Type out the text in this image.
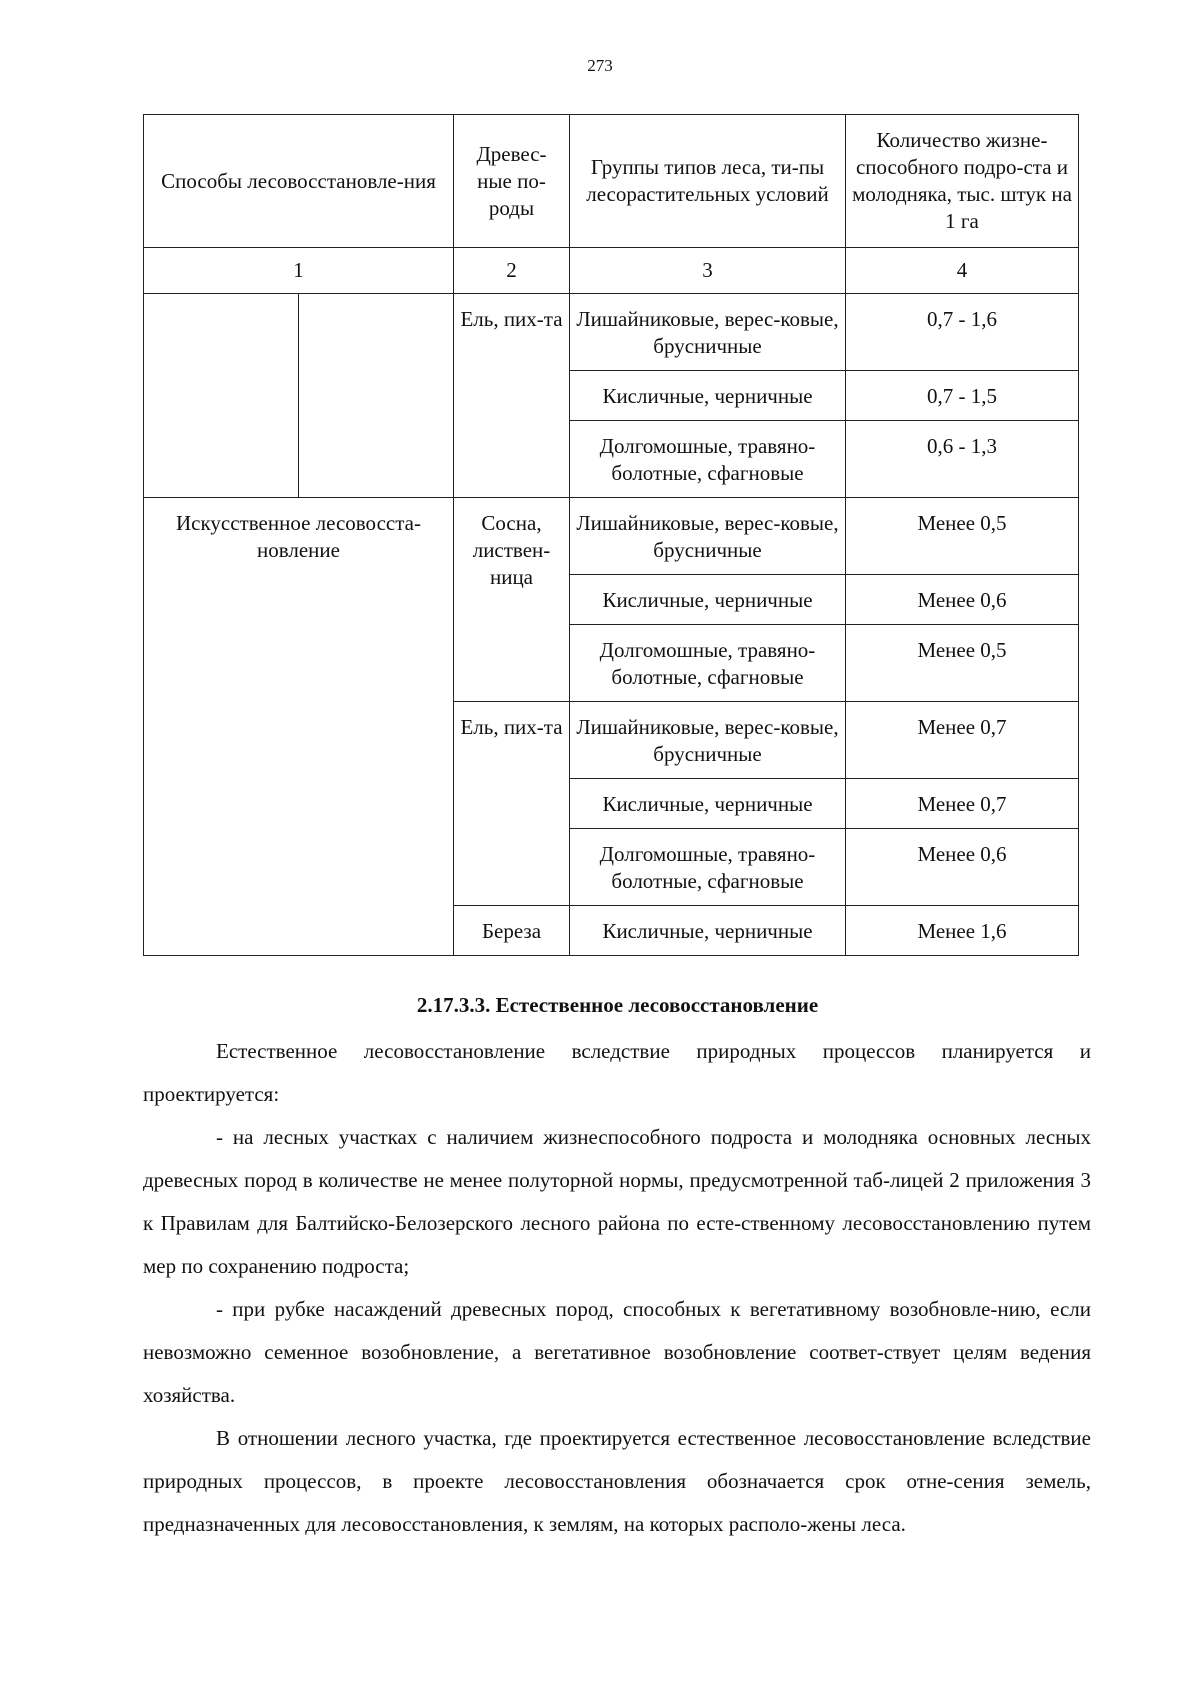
273
Способы лесовосстановле-ния		Древес-ные по-роды	Группы типов леса, ти-пы лесорастительных условий	Количество жизне-способного подро-ста и молодняка, тыс. штук на 1 га
1		2	3	4
		Ель, пих-та	Лишайниковые, верес-ковые, брусничные	0,7 - 1,6
			Кисличные, черничные	0,7 - 1,5
			Долгомошные, травяно-болотные, сфагновые	0,6 - 1,3
Искусственное лесовосста-новление		Сосна, листвен-ница	Лишайниковые, верес-ковые, брусничные	Менее 0,5
			Кисличные, черничные	Менее 0,6
			Долгомошные, травяно-болотные, сфагновые	Менее 0,5
		Ель, пих-та	Лишайниковые, верес-ковые, брусничные	Менее 0,7
			Кисличные, черничные	Менее 0,7
			Долгомошные, травяно-болотные, сфагновые	Менее 0,6
		Береза	Кисличные, черничные	Менее 1,6
2.17.3.3. Естественное лесовосстановление

Естественное лесовосстановление вследствие природных процессов планируется и проектируется:

- на лесных участках с наличием жизнеспособного подроста и молодняка основных лесных древесных пород в количестве не менее полуторной нормы, предусмотренной таб-лицей 2 приложения 3 к Правилам для Балтийско-Белозерского лесного района по есте-ственному лесовосстановлению путем мер по сохранению подроста;

- при рубке насаждений древесных пород, способных к вегетативному возобновле-нию, если невозможно семенное возобновление, а вегетативное возобновление соответ-ствует целям ведения хозяйства.

В отношении лесного участка, где проектируется естественное лесовосстановление вследствие природных процессов, в проекте лесовосстановления обозначается срок отне-сения земель, предназначенных для лесовосстановления, к землям, на которых располо-жены леса.
